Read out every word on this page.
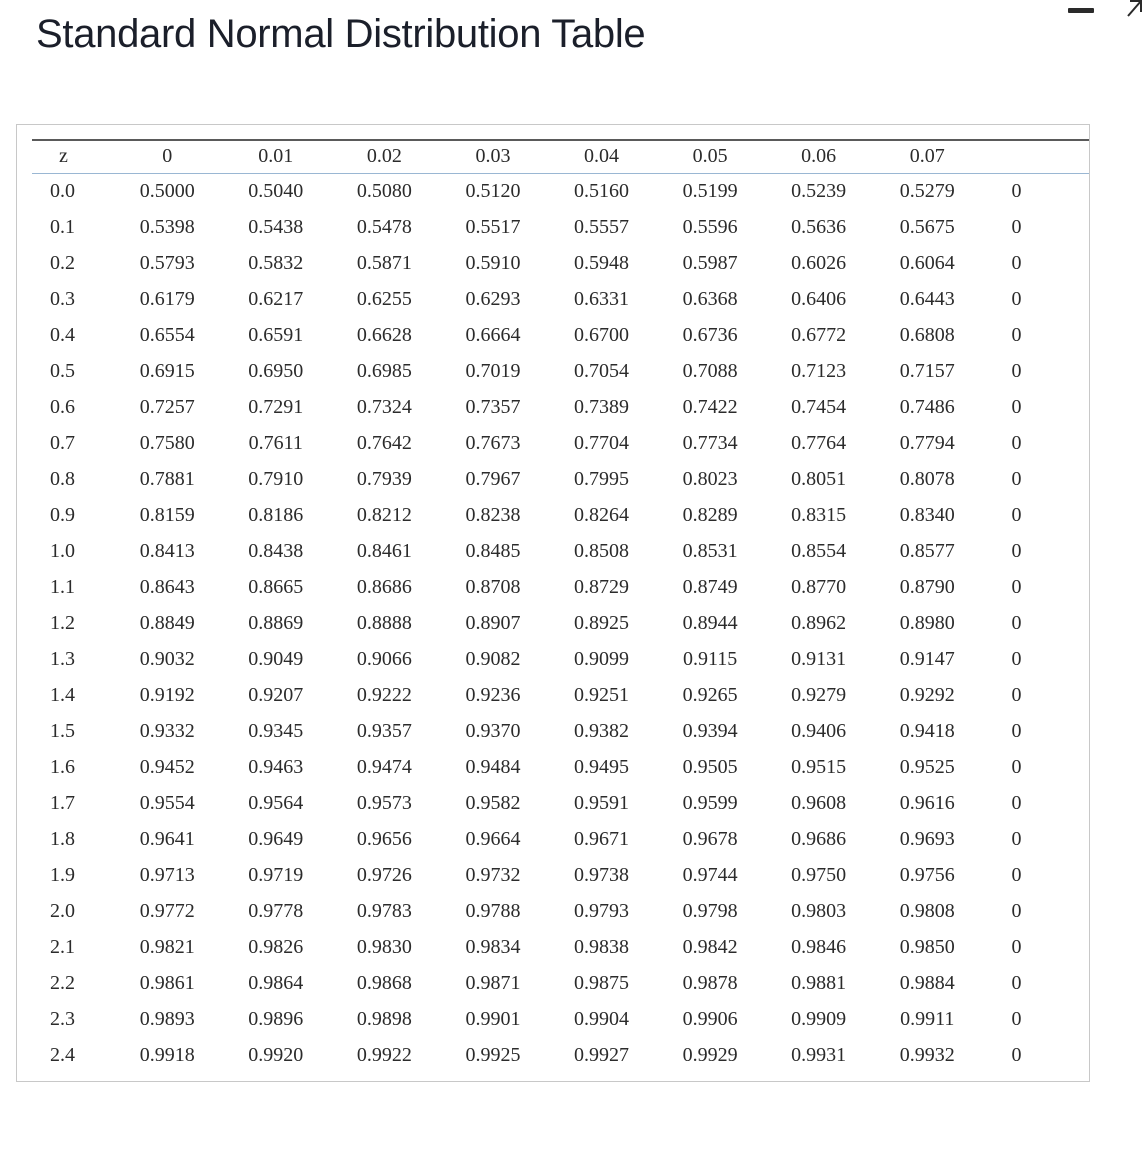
Standard Normal Distribution Table
z	0	0.01	0.02	0.03	0.04	0.05	0.06	0.07	
0.0	0.5000	0.5040	0.5080	0.5120	0.5160	0.5199	0.5239	0.5279	0
0.1	0.5398	0.5438	0.5478	0.5517	0.5557	0.5596	0.5636	0.5675	0
0.2	0.5793	0.5832	0.5871	0.5910	0.5948	0.5987	0.6026	0.6064	0
0.3	0.6179	0.6217	0.6255	0.6293	0.6331	0.6368	0.6406	0.6443	0
0.4	0.6554	0.6591	0.6628	0.6664	0.6700	0.6736	0.6772	0.6808	0
0.5	0.6915	0.6950	0.6985	0.7019	0.7054	0.7088	0.7123	0.7157	0
0.6	0.7257	0.7291	0.7324	0.7357	0.7389	0.7422	0.7454	0.7486	0
0.7	0.7580	0.7611	0.7642	0.7673	0.7704	0.7734	0.7764	0.7794	0
0.8	0.7881	0.7910	0.7939	0.7967	0.7995	0.8023	0.8051	0.8078	0
0.9	0.8159	0.8186	0.8212	0.8238	0.8264	0.8289	0.8315	0.8340	0
1.0	0.8413	0.8438	0.8461	0.8485	0.8508	0.8531	0.8554	0.8577	0
1.1	0.8643	0.8665	0.8686	0.8708	0.8729	0.8749	0.8770	0.8790	0
1.2	0.8849	0.8869	0.8888	0.8907	0.8925	0.8944	0.8962	0.8980	0
1.3	0.9032	0.9049	0.9066	0.9082	0.9099	0.9115	0.9131	0.9147	0
1.4	0.9192	0.9207	0.9222	0.9236	0.9251	0.9265	0.9279	0.9292	0
1.5	0.9332	0.9345	0.9357	0.9370	0.9382	0.9394	0.9406	0.9418	0
1.6	0.9452	0.9463	0.9474	0.9484	0.9495	0.9505	0.9515	0.9525	0
1.7	0.9554	0.9564	0.9573	0.9582	0.9591	0.9599	0.9608	0.9616	0
1.8	0.9641	0.9649	0.9656	0.9664	0.9671	0.9678	0.9686	0.9693	0
1.9	0.9713	0.9719	0.9726	0.9732	0.9738	0.9744	0.9750	0.9756	0
2.0	0.9772	0.9778	0.9783	0.9788	0.9793	0.9798	0.9803	0.9808	0
2.1	0.9821	0.9826	0.9830	0.9834	0.9838	0.9842	0.9846	0.9850	0
2.2	0.9861	0.9864	0.9868	0.9871	0.9875	0.9878	0.9881	0.9884	0
2.3	0.9893	0.9896	0.9898	0.9901	0.9904	0.9906	0.9909	0.9911	0
2.4	0.9918	0.9920	0.9922	0.9925	0.9927	0.9929	0.9931	0.9932	0
